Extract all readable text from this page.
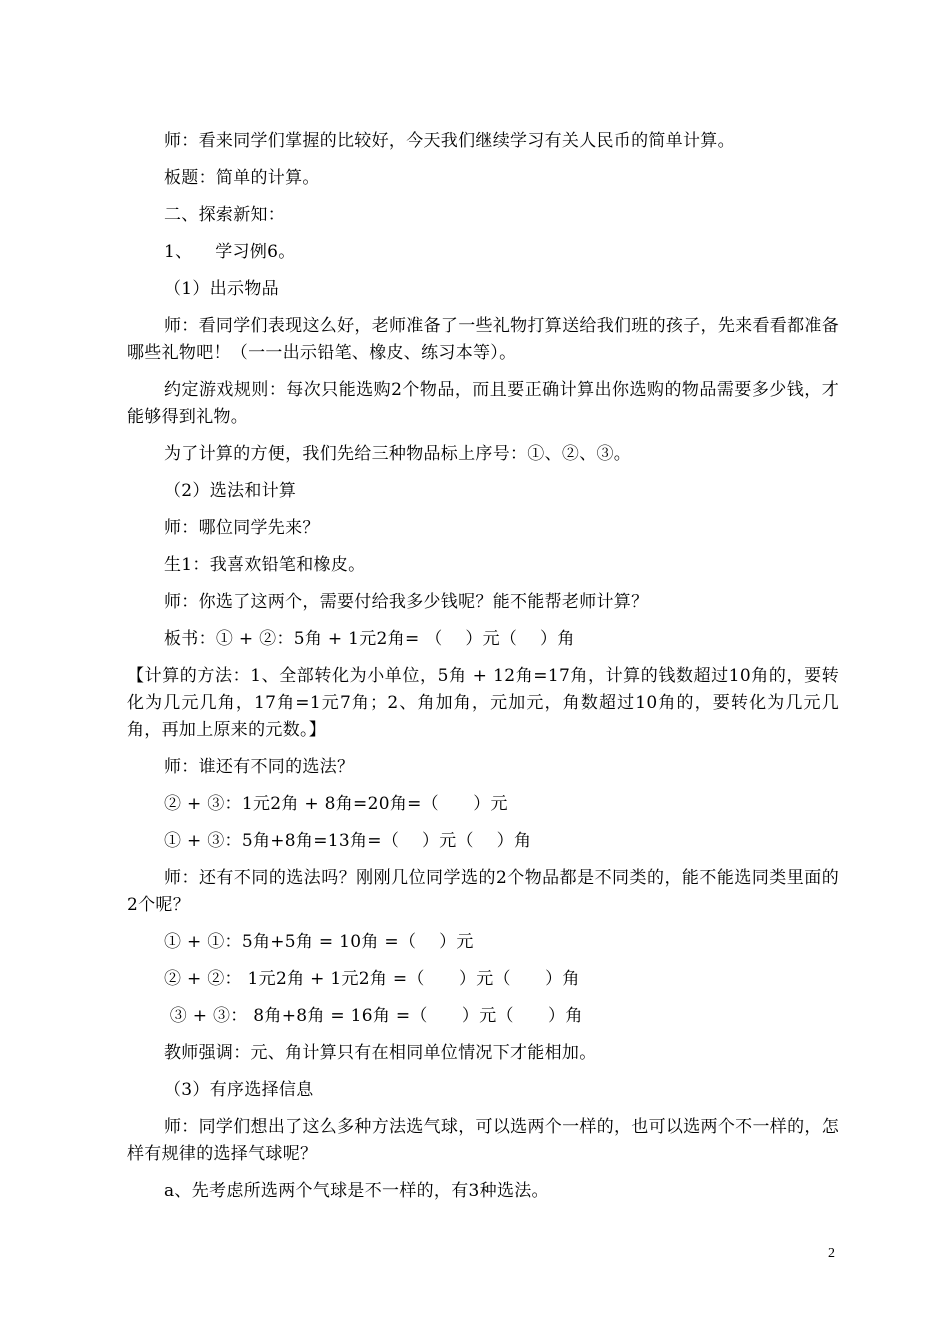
师：看来同学们掌握的比较好，今天我们继续学习有关人民币的简单计算。

板题：简单的计算。

二、探索新知：

1、    学习例6。

（1）出示物品

师：看同学们表现这么好，老师准备了一些礼物打算送给我们班的孩子，先来看看都准备哪些礼物吧！（一一出示铅笔、橡皮、练习本等）。

约定游戏规则：每次只能选购2个物品，而且要正确计算出你选购的物品需要多少钱，才能够得到礼物。

为了计算的方便，我们先给三种物品标上序号：①、②、③。

（2）选法和计算

师：哪位同学先来？

生1：我喜欢铅笔和橡皮。

师：你选了这两个，需要付给我多少钱呢？能不能帮老师计算？

板书：① + ②：5角 + 1元2角= （    ）元（    ）角

【计算的方法：1、全部转化为小单位，5角 + 12角=17角，计算的钱数超过10角的，要转化为几元几角，17角=1元7角；2、角加角，元加元，角数超过10角的，要转化为几元几角，再加上原来的元数。】

师：谁还有不同的选法？

② + ③：1元2角 + 8角=20角=（      ）元

① + ③：5角+8角=13角=（    ）元（    ）角

师：还有不同的选法吗？刚刚几位同学选的2个物品都是不同类的，能不能选同类里面的2个呢？

① + ①：5角+5角 = 10角 =（    ）元

② + ②： 1元2角 + 1元2角 =（      ）元（      ）角

③ + ③： 8角+8角 = 16角 =（      ）元（      ）角

教师强调：元、角计算只有在相同单位情况下才能相加。

（3）有序选择信息

师：同学们想出了这么多种方法选气球，可以选两个一样的，也可以选两个不一样的，怎样有规律的选择气球呢？

a、先考虑所选两个气球是不一样的，有3种选法。

2
